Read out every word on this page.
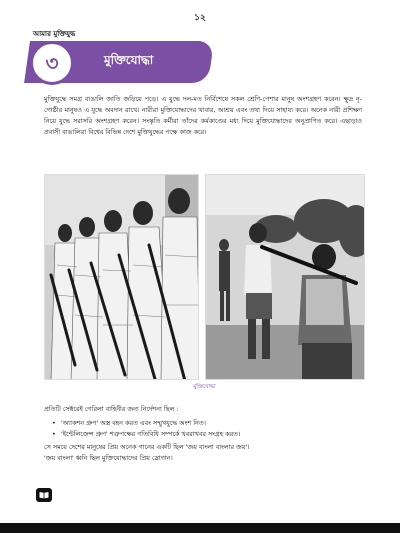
১২
আমার মুক্তিযুদ্ধ
৩	মুক্তিযোদ্ধা
মুক্তিযুদ্ধে সমগ্র বাঙালি জাতি জড়িয়ে পড়ে। এ যুদ্ধে দল-মত নির্বিশেষে সকল শ্রেণি-পেশার মানুষ অংশগ্রহণ করেন। ক্ষুদ্র নৃ-গোষ্ঠীর মানুষও এ যুদ্ধে অবদান রাখে। নারীরা মুক্তিযোদ্ধাদের খাবার, আশ্রয় এবং তথ্য দিয়ে সাহায্য করে। অনেক নারী প্রশিক্ষণ নিয়ে যুদ্ধে সরাসরি অংশগ্রহণ করেন। সংস্কৃতি কর্মীরা তাঁদের কর্মকাণ্ডের মধ্য দিয়ে মুক্তিযোদ্ধাদের অনুপ্রাণিত করে। এছাড়াও প্রবাসী বাঙালিরা বিশ্বের বিভিন্ন দেশে মুক্তিযুদ্ধের পক্ষে কাজ করে।
মুক্তিযোদ্ধা
প্রতিটি সেক্টরেই গেরিলা বাহিনীর জন্য নির্দেশনা ছিল :
• 'অ্যাকশন গ্রুপ' অস্ত্র বহন করত এবং সম্মুখযুদ্ধে অংশ নিত।
• 'ইন্টেলিজেন্স গ্রুপ' শত্রুপক্ষের গতিবিধি সম্পর্কে খবরাখবর সংগ্রহ করত।
সে সময়ে দেশের মানুষের প্রিয় অনেক গানের একটি ছিল 'জয় বাংলা বাংলার জয়'।
'জয় বাংলা' ধ্বনি ছিল মুক্তিযোদ্ধাদের প্রিয় স্লোগান।
